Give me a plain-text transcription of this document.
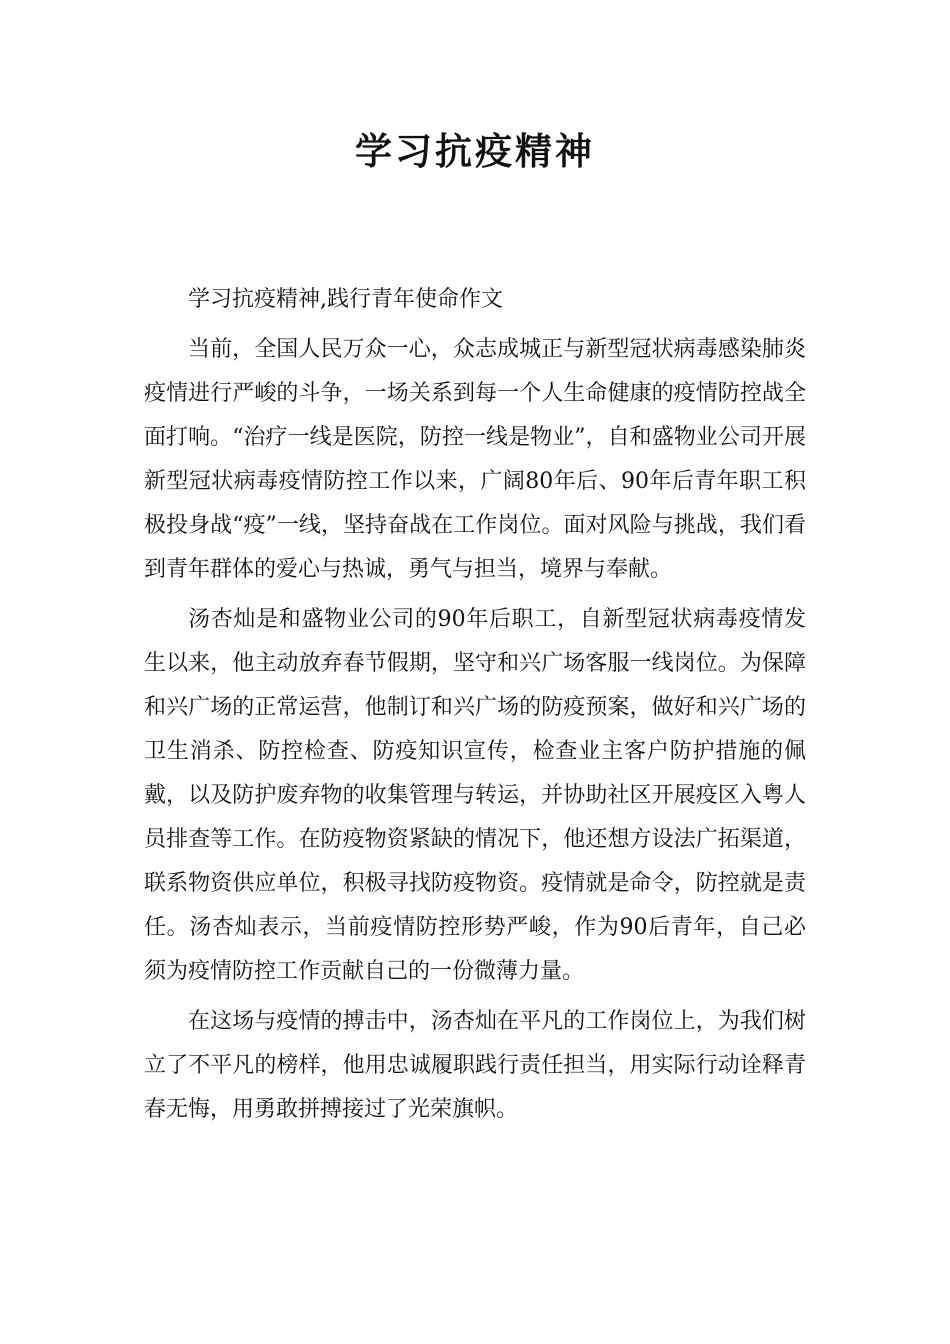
学习抗疫精神

学习抗疫精神,践行青年使命作文

当前，全国人民万众一心，众志成城正与新型冠状病毒感染肺炎疫情进行严峻的斗争，一场关系到每一个人生命健康的疫情防控战全面打响。“治疗一线是医院，防控一线是物业”，自和盛物业公司开展新型冠状病毒疫情防控工作以来，广阔80年后、90年后青年职工积极投身战“疫”一线，坚持奋战在工作岗位。面对风险与挑战，我们看到青年群体的爱心与热诚，勇气与担当，境界与奉献。

汤杏灿是和盛物业公司的90年后职工，自新型冠状病毒疫情发生以来，他主动放弃春节假期，坚守和兴广场客服一线岗位。为保障和兴广场的正常运营，他制订和兴广场的防疫预案，做好和兴广场的卫生消杀、防控检查、防疫知识宣传，检查业主客户防护措施的佩戴，以及防护废弃物的收集管理与转运，并协助社区开展疫区入粤人员排查等工作。在防疫物资紧缺的情况下，他还想方设法广拓渠道，联系物资供应单位，积极寻找防疫物资。疫情就是命令，防控就是责任。汤杏灿表示，当前疫情防控形势严峻，作为90后青年，自己必须为疫情防控工作贡献自己的一份微薄力量。

在这场与疫情的搏击中，汤杏灿在平凡的工作岗位上，为我们树立了不平凡的榜样，他用忠诚履职践行责任担当，用实际行动诠释青春无悔，用勇敢拼搏接过了光荣旗帜。
